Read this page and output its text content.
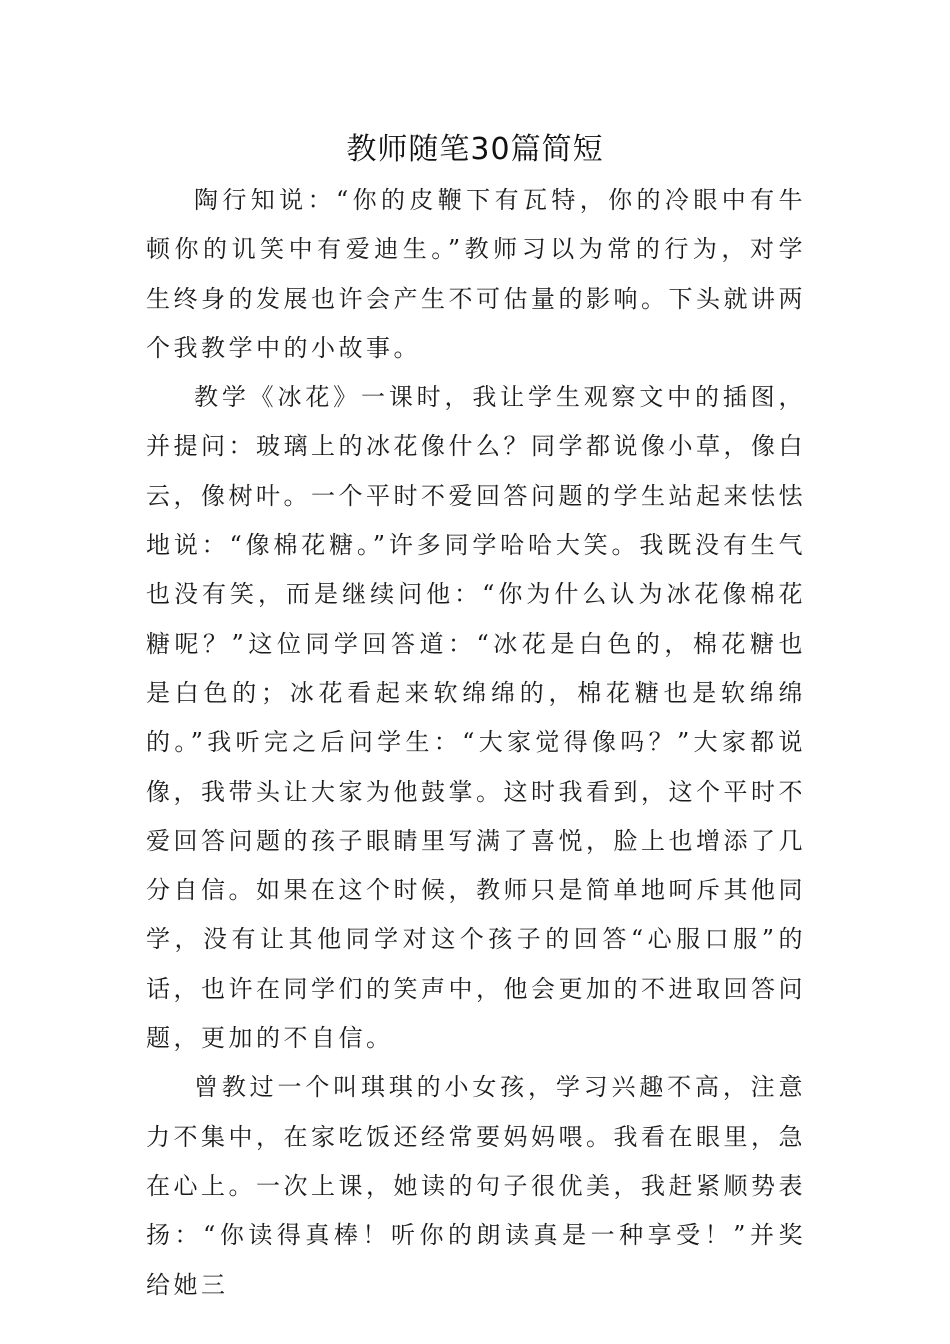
教师随笔30篇简短

陶行知说：“你的皮鞭下有瓦特，你的冷眼中有牛顿你的讥笑中有爱迪生。”教师习以为常的行为，对学生终身的发展也许会产生不可估量的影响。下头就讲两个我教学中的小故事。

教学《冰花》一课时，我让学生观察文中的插图，并提问：玻璃上的冰花像什么？同学都说像小草，像白云，像树叶。一个平时不爱回答问题的学生站起来怯怯地说：“像棉花糖。”许多同学哈哈大笑。我既没有生气也没有笑，而是继续问他：“你为什么认为冰花像棉花糖呢？”这位同学回答道：“冰花是白色的，棉花糖也是白色的；冰花看起来软绵绵的，棉花糖也是软绵绵的。”我听完之后问学生：“大家觉得像吗？”大家都说像，我带头让大家为他鼓掌。这时我看到，这个平时不爱回答问题的孩子眼睛里写满了喜悦，脸上也增添了几分自信。如果在这个时候，教师只是简单地呵斥其他同学，没有让其他同学对这个孩子的回答“心服口服”的话，也许在同学们的笑声中，他会更加的不进取回答问题，更加的不自信。

曾教过一个叫琪琪的小女孩，学习兴趣不高，注意力不集中，在家吃饭还经常要妈妈喂。我看在眼里，急在心上。一次上课，她读的句子很优美，我赶紧顺势表扬：“你读得真棒！听你的朗读真是一种享受！”并奖给她三
